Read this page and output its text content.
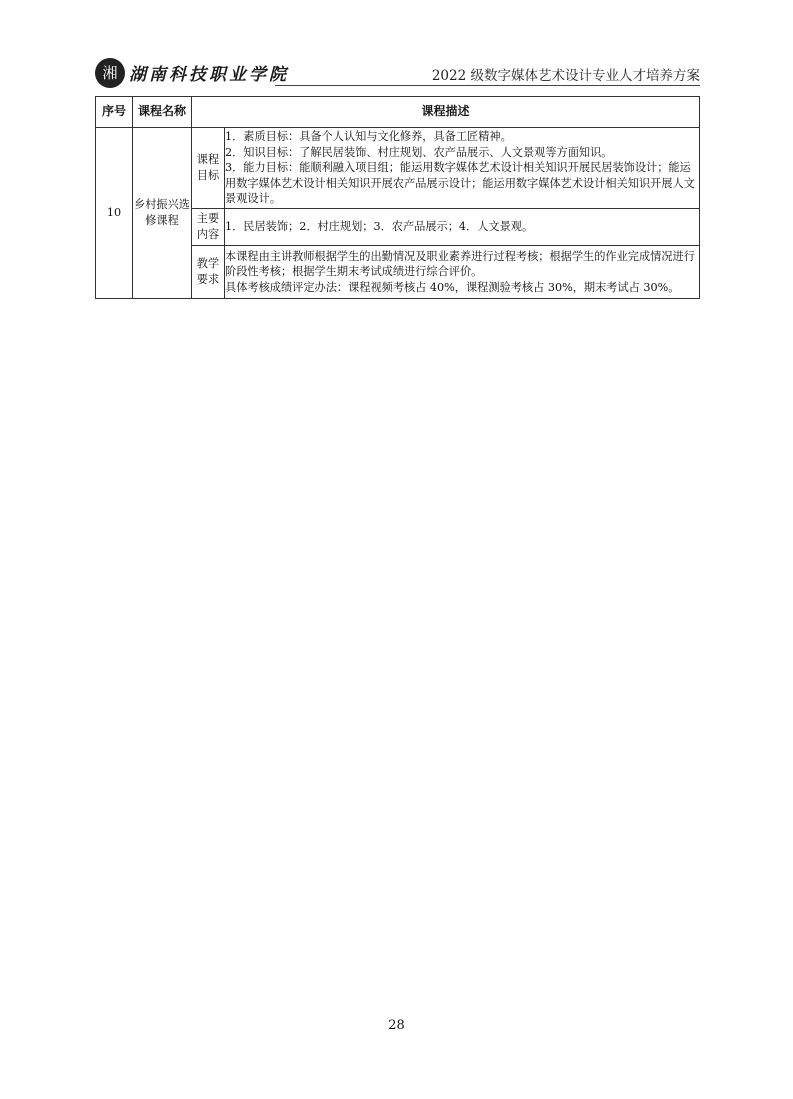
湘 湖南科技职业学院	2022 级数字媒体艺术设计专业人才培养方案
序号	课程名称	课程描述	
10	乡村振兴选修课程	课程目标	1．素质目标：具备个人认知与文化修养，具备工匠精神。
2．知识目标：了解民居装饰、村庄规划、农产品展示、人文景观等方面知识。
3．能力目标：能顺利融入项目组；能运用数字媒体艺术设计相关知识开展民居装饰设计；能运用数字媒体艺术设计相关知识开展农产品展示设计；能运用数字媒体艺术设计相关知识开展人文景观设计。

		主要内容	1．民居装饰；2．村庄规划；3．农产品展示；4．人文景观。

		教学要求	本课程由主讲教师根据学生的出勤情况及职业素养进行过程考核；根据学生的作业完成情况进行阶段性考核；根据学生期末考试成绩进行综合评价。
具体考核成绩评定办法：课程视频考核占 40%，课程测验考核占 30%，期末考试占 30%。
28
